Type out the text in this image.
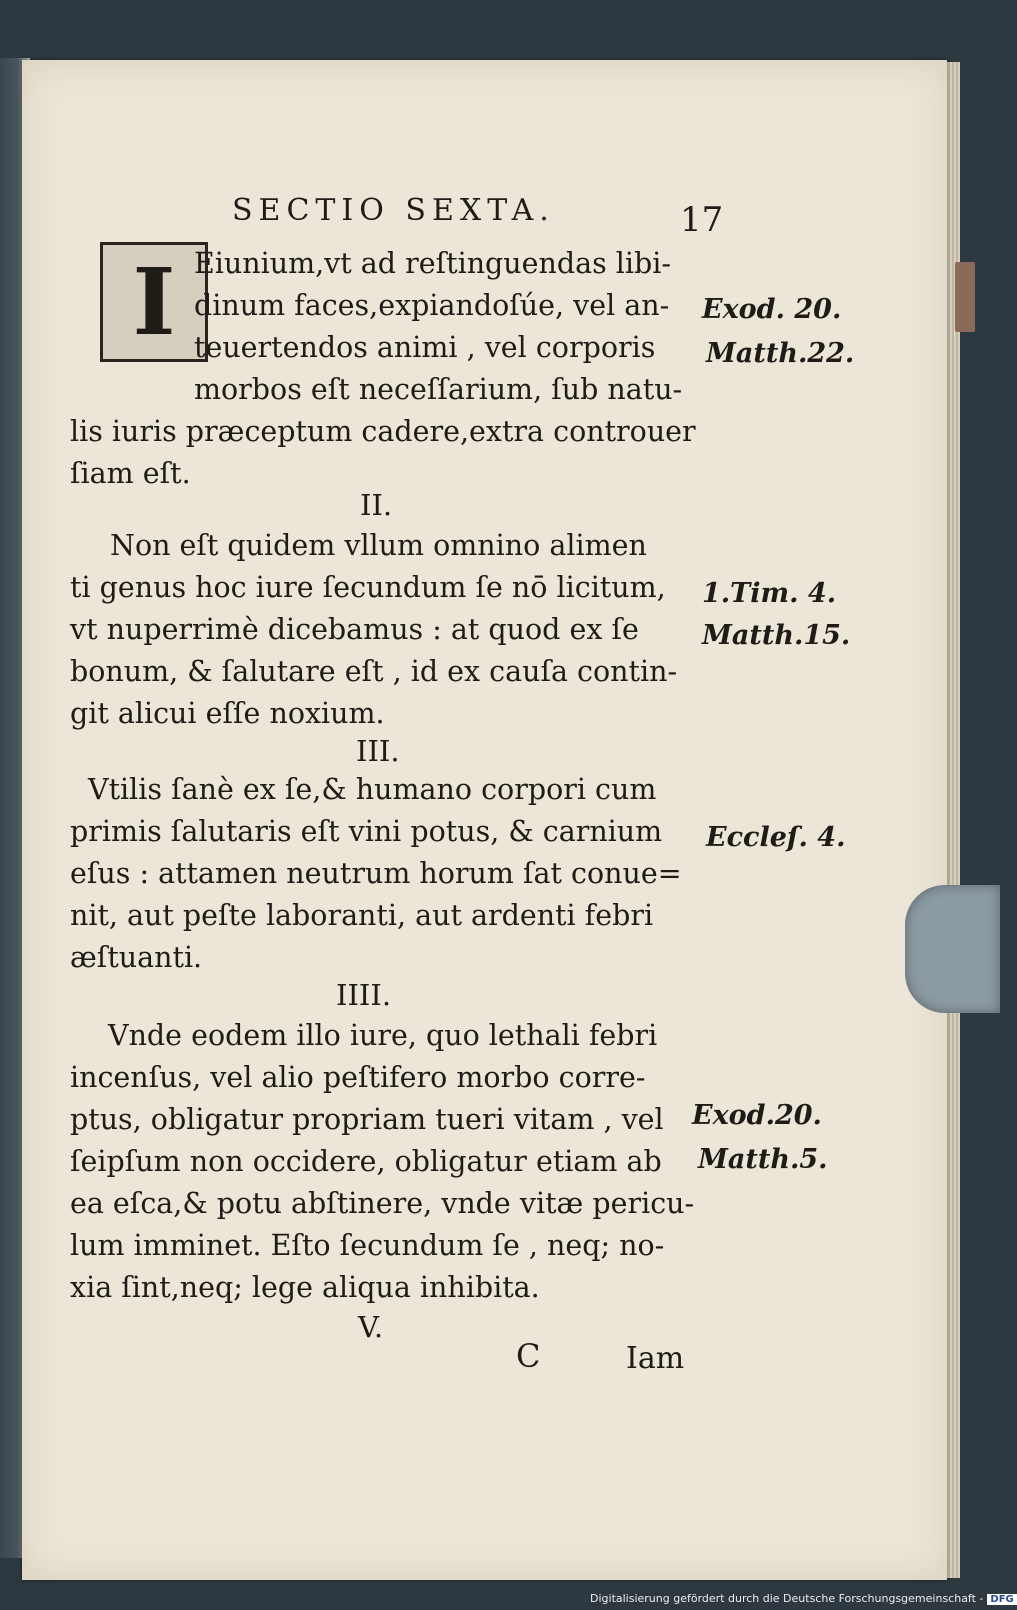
SECTIO SEXTA.	17
I Eiunium,vt ad reſtinguendas libi-
dinum faces,expiandoſúe, vel an-
teuertendos animi , vel corporis
morbos eſt neceſſarium, ſub natu-
lis iuris præceptum cadere,extra controuer
ſiam eſt.
II.
Non eſt quidem vllum omnino alimen
ti genus hoc iure ſecundum ſe nō licitum,
vt nuperrimè dicebamus : at quod ex ſe
bonum, & ſalutare eſt , id ex cauſa contin-
git alicui eſſe noxium.
III.
Vtilis ſanè ex ſe,& humano corpori cum
primis ſalutaris eſt vini potus, & carnium
eſus : attamen neutrum horum ſat conue=
nit, aut peſte laboranti, aut ardenti febri
æſtuanti.
IIII.
Vnde eodem illo iure, quo lethali febri
incenſus, vel alio peſtifero morbo corre-
ptus, obligatur propriam tueri vitam , vel
ſeipſum non occidere, obligatur etiam ab
ea eſca,& potu abſtinere, vnde vitæ pericu-
lum imminet. Eſto ſecundum ſe , neq; no-
xia ſint,neq; lege aliqua inhibita.
V.
Exod. 20.
Matth.22.
1.Tim. 4.
Matth.15.
Eccleſ. 4.
Exod.20.
Matth.5.
C	Iam
Digitalisierung gefördert durch die Deutsche Forschungsgemeinschaft - DFG
